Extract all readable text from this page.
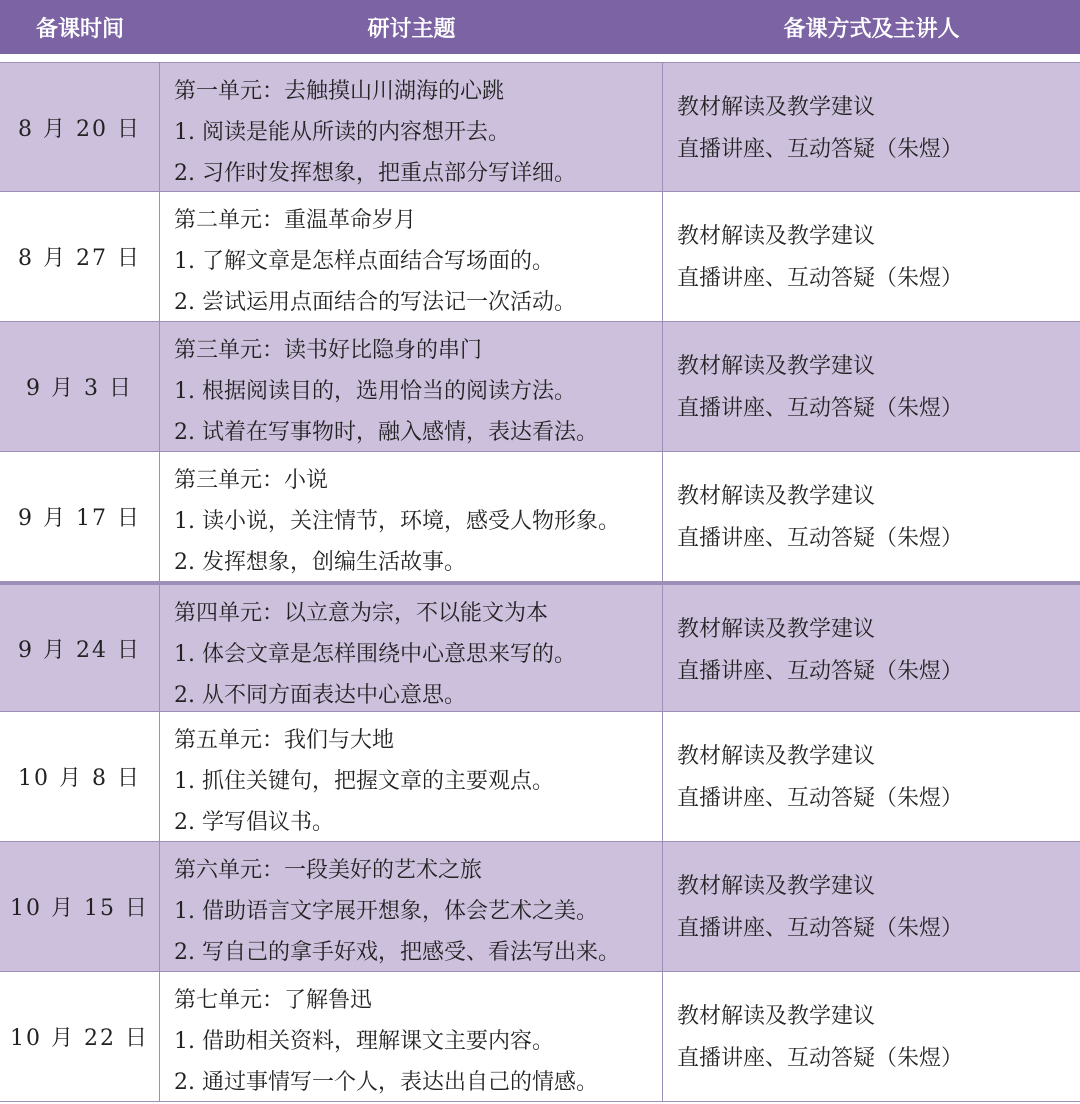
备课时间	研讨主题	备课方式及主讲人
8 月 20 日
第一单元：去触摸山川湖海的心跳
1. 阅读是能从所读的内容想开去。
2. 习作时发挥想象，把重点部分写详细。
教材解读及教学建议
直播讲座、互动答疑（朱煜）
8 月 27 日
第二单元：重温革命岁月
1. 了解文章是怎样点面结合写场面的。
2. 尝试运用点面结合的写法记一次活动。
教材解读及教学建议
直播讲座、互动答疑（朱煜）
9 月 3 日
第三单元：读书好比隐身的串门
1. 根据阅读目的，选用恰当的阅读方法。
2. 试着在写事物时，融入感情，表达看法。
教材解读及教学建议
直播讲座、互动答疑（朱煜）
9 月 17 日
第三单元：小说
1. 读小说，关注情节，环境，感受人物形象。
2. 发挥想象，创编生活故事。
教材解读及教学建议
直播讲座、互动答疑（朱煜）
9 月 24 日
第四单元：以立意为宗，不以能文为本
1. 体会文章是怎样围绕中心意思来写的。
2. 从不同方面表达中心意思。
教材解读及教学建议
直播讲座、互动答疑（朱煜）
10 月 8 日
第五单元：我们与大地
1. 抓住关键句，把握文章的主要观点。
2. 学写倡议书。
教材解读及教学建议
直播讲座、互动答疑（朱煜）
10 月 15 日
第六单元：一段美好的艺术之旅
1. 借助语言文字展开想象，体会艺术之美。
2. 写自己的拿手好戏，把感受、看法写出来。
教材解读及教学建议
直播讲座、互动答疑（朱煜）
10 月 22 日
第七单元：了解鲁迅
1. 借助相关资料，理解课文主要内容。
2. 通过事情写一个人，表达出自己的情感。
教材解读及教学建议
直播讲座、互动答疑（朱煜）
